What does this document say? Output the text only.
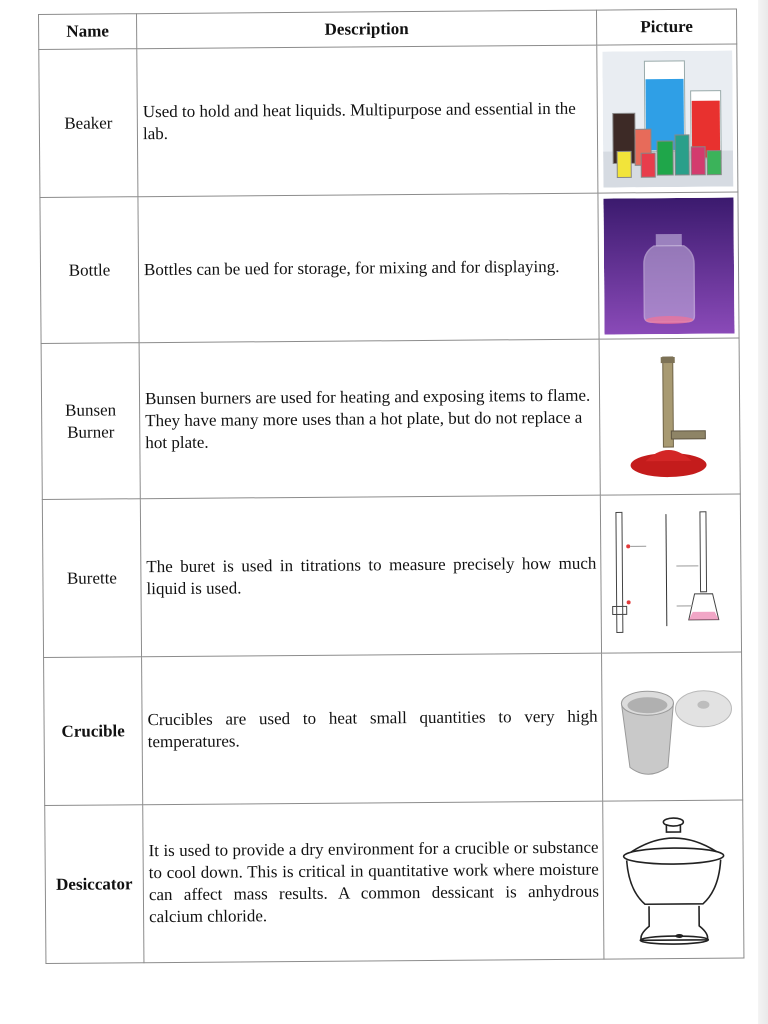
Name	Description	Picture
Beaker	Used to hold and heat liquids. Multipurpose and essential in the lab.	

Bottle	Bottles can be ued for storage, for mixing and for displaying.	

Bunsen Burner	Bunsen burners are used for heating and exposing items to flame. They have many more uses than a hot plate, but do not replace a hot plate.	

Burette	The buret is used in titrations to measure precisely how much liquid is used.	

Crucible	Crucibles are used to heat small quantities to very high temperatures.	

Desiccator	It is used to provide a dry environment for a crucible or substance to cool down. This is critical in quantitative work where moisture can affect mass results. A common dessicant is anhydrous calcium chloride.	
